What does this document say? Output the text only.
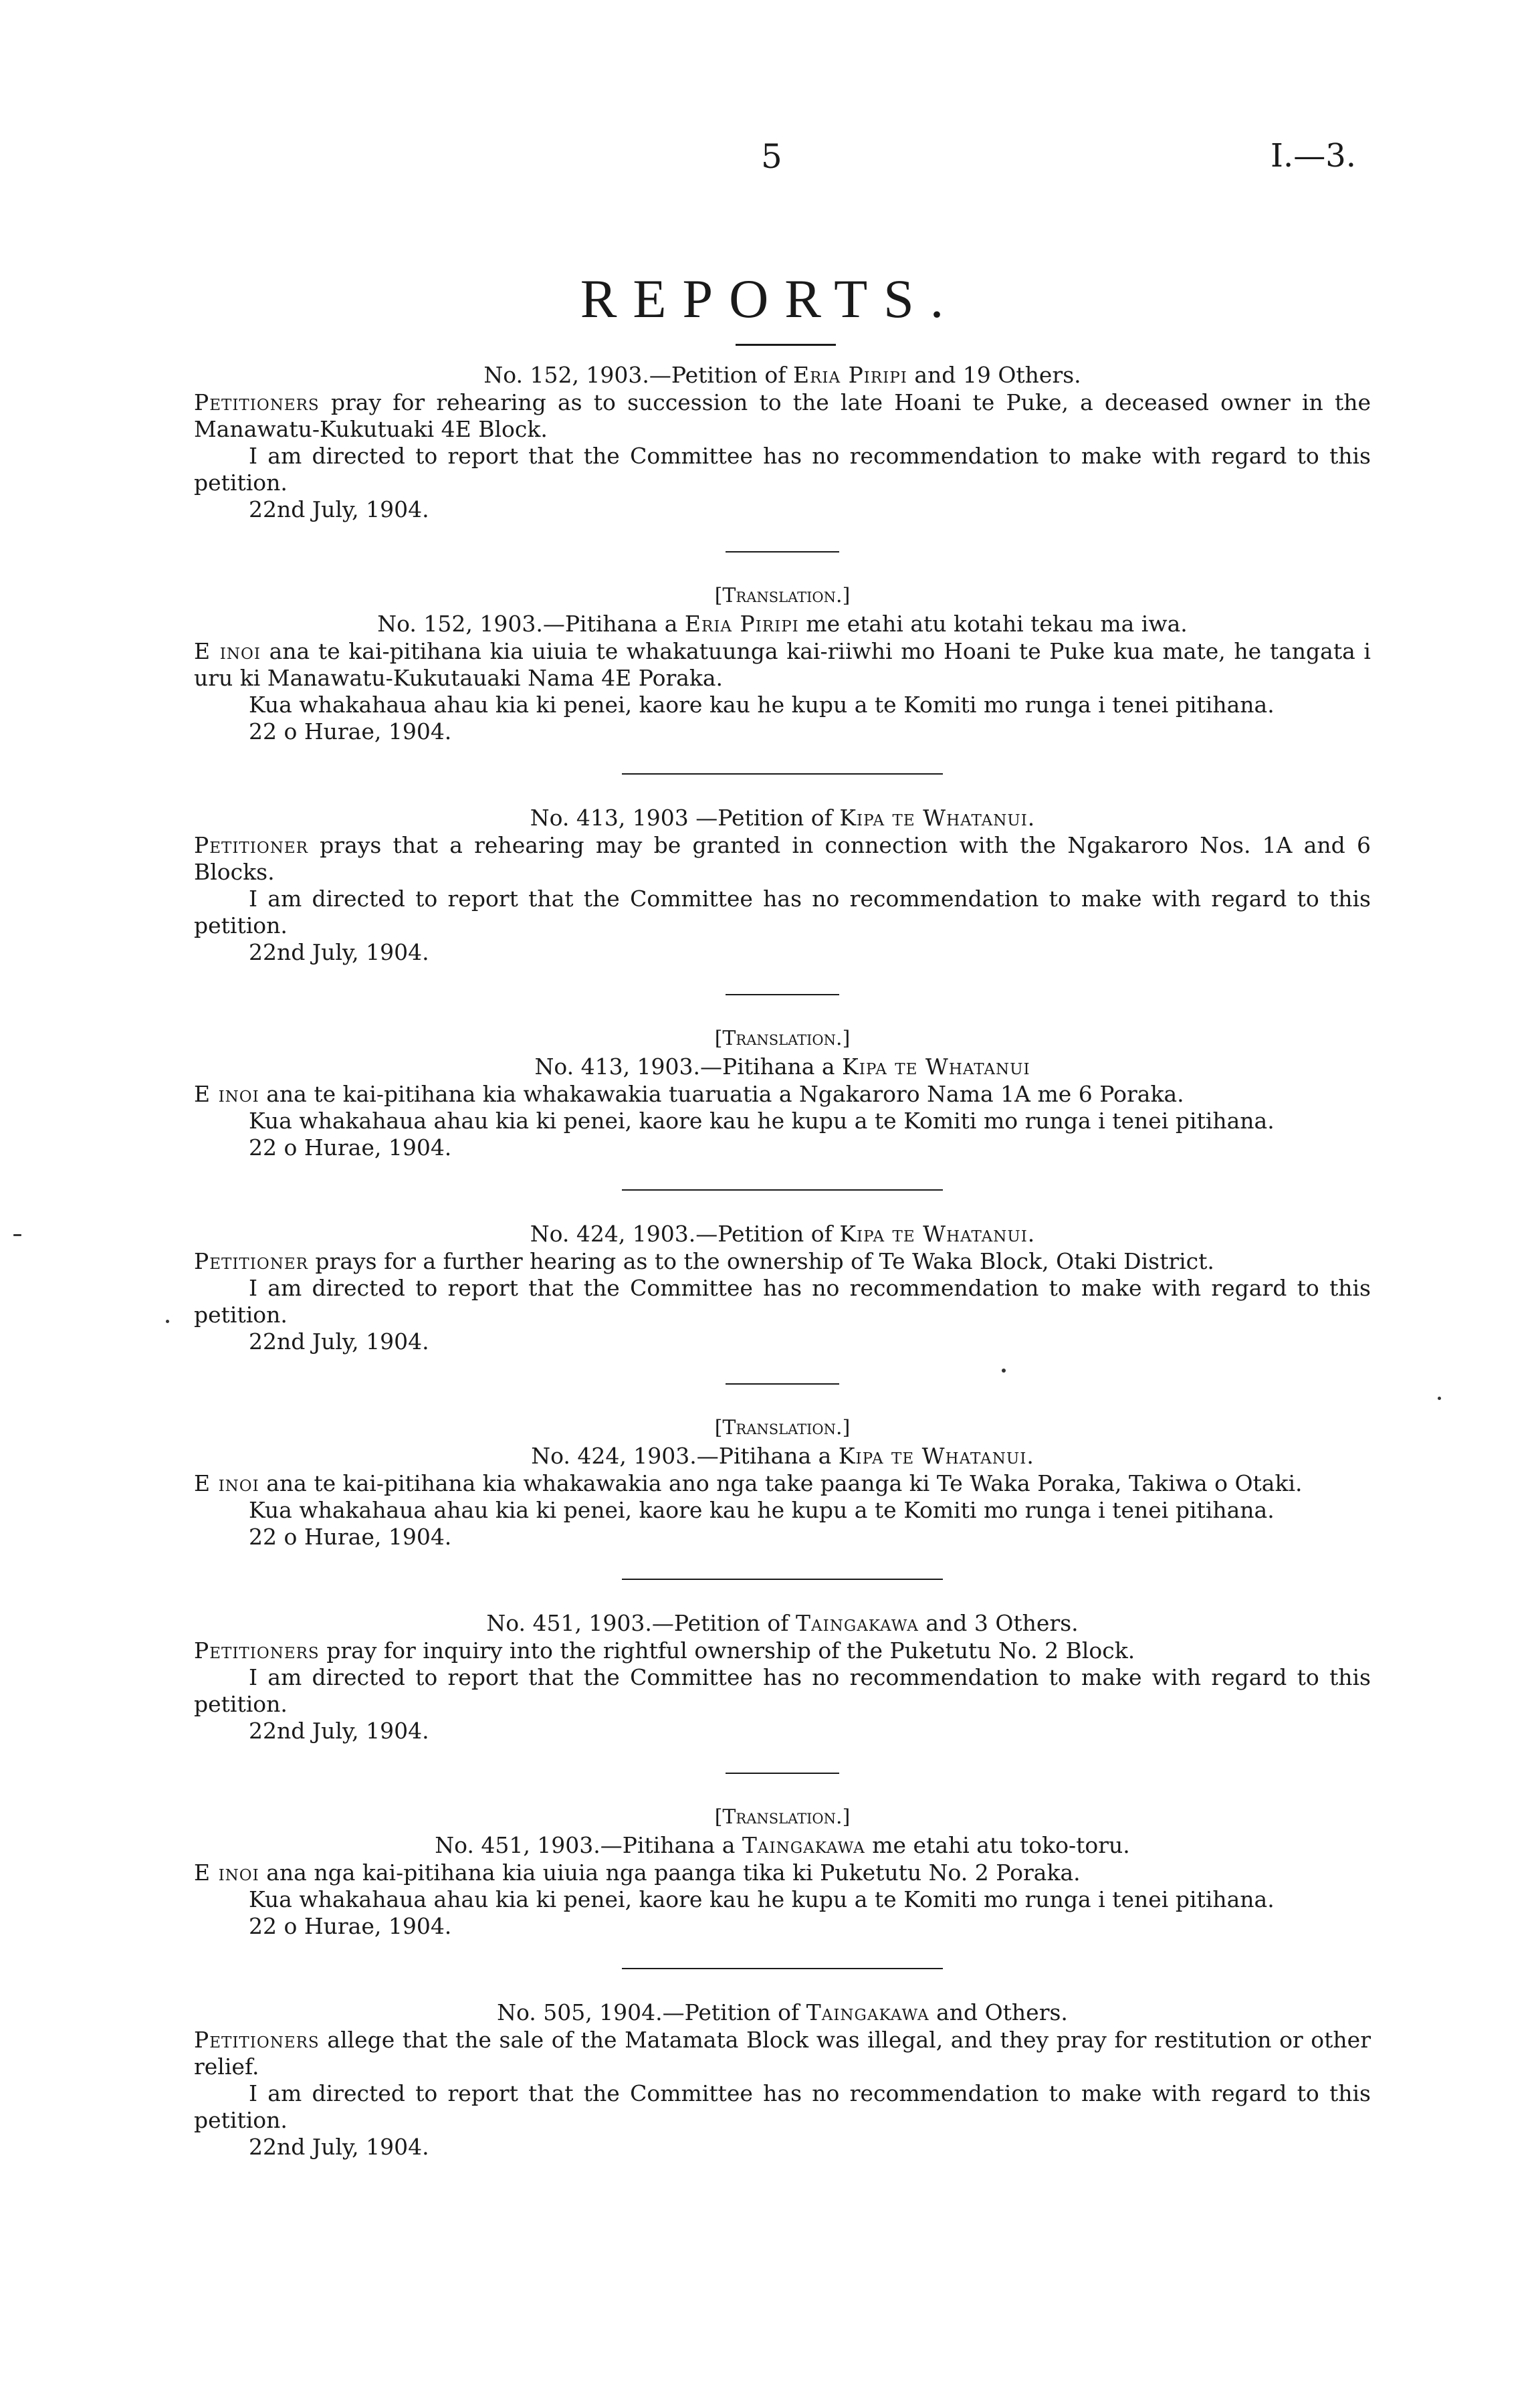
5	I.—3.
REPORTS.
No. 152, 1903.—Petition of Eria Piripi and 19 Others.
Petitioners pray for rehearing as to succession to the late Hoani te Puke, a deceased owner in the Manawatu-Kukutuaki 4E Block.
I am directed to report that the Committee has no recommendation to make with regard to this petition.
22nd July, 1904.
[Translation.]
No. 152, 1903.—Pitihana a Eria Piripi me etahi atu kotahi tekau ma iwa.
E inoi ana te kai-pitihana kia uiuia te whakatuunga kai-riiwhi mo Hoani te Puke kua mate, he tangata i uru ki Manawatu-Kukutauaki Nama 4E Poraka.
Kua whakahaua ahau kia ki penei, kaore kau he kupu a te Komiti mo runga i tenei pitihana.
22 o Hurae, 1904.
No. 413, 1903 —Petition of Kipa te Whatanui.
Petitioner prays that a rehearing may be granted in connection with the Ngakaroro Nos. 1A and 6 Blocks.
I am directed to report that the Committee has no recommendation to make with regard to this petition.
22nd July, 1904.
[Translation.]
No. 413, 1903.—Pitihana a Kipa te Whatanui
E inoi ana te kai-pitihana kia whakawakia tuaruatia a Ngakaroro Nama 1A me 6 Poraka.
Kua whakahaua ahau kia ki penei, kaore kau he kupu a te Komiti mo runga i tenei pitihana.
22 o Hurae, 1904.
No. 424, 1903.—Petition of Kipa te Whatanui.
Petitioner prays for a further hearing as to the ownership of Te Waka Block, Otaki District.
I am directed to report that the Committee has no recommendation to make with regard to this petition.
22nd July, 1904.
[Translation.]
No. 424, 1903.—Pitihana a Kipa te Whatanui.
E inoi ana te kai-pitihana kia whakawakia ano nga take paanga ki Te Waka Poraka, Takiwa o Otaki.
Kua whakahaua ahau kia ki penei, kaore kau he kupu a te Komiti mo runga i tenei pitihana.
22 o Hurae, 1904.
No. 451, 1903.—Petition of Taingakawa and 3 Others.
Petitioners pray for inquiry into the rightful ownership of the Puketutu No. 2 Block.
I am directed to report that the Committee has no recommendation to make with regard to this petition.
22nd July, 1904.
[Translation.]
No. 451, 1903.—Pitihana a Taingakawa me etahi atu toko-toru.
E inoi ana nga kai-pitihana kia uiuia nga paanga tika ki Puketutu No. 2 Poraka.
Kua whakahaua ahau kia ki penei, kaore kau he kupu a te Komiti mo runga i tenei pitihana.
22 o Hurae, 1904.
No. 505, 1904.—Petition of Taingakawa and Others.
Petitioners allege that the sale of the Matamata Block was illegal, and they pray for restitution or other relief.
I am directed to report that the Committee has no recommendation to make with regard to this petition.
22nd July, 1904.
